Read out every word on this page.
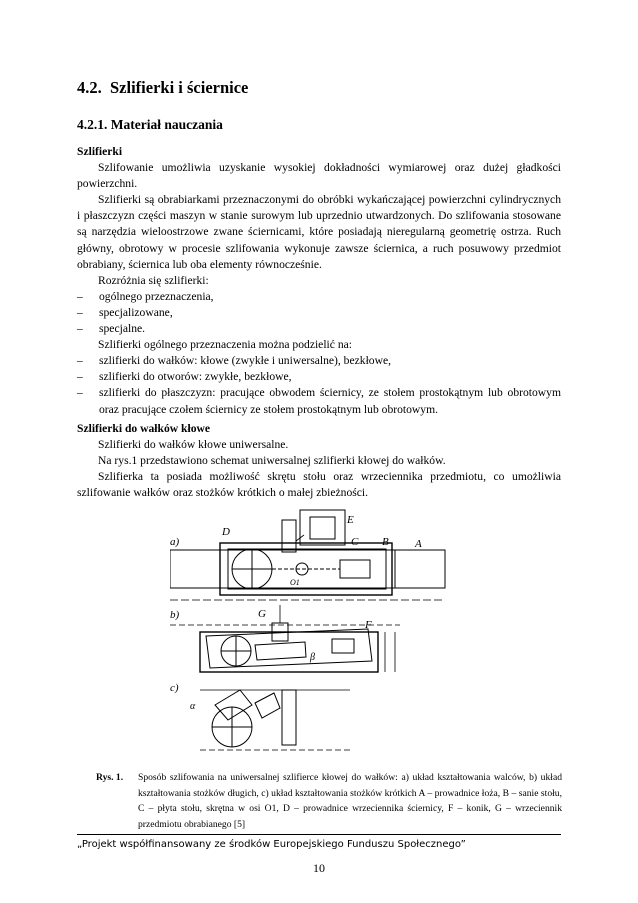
4.2.  Szlifierki i ściernice
4.2.1. Materiał nauczania
Szlifierki

Szlifowanie umożliwia uzyskanie wysokiej dokładności wymiarowej oraz dużej gładkości powierzchni.

Szlifierki są obrabiarkami przeznaczonymi do obróbki wykańczającej powierzchni cylindrycznych i płaszczyzn części maszyn w stanie surowym lub uprzednio utwardzonych. Do szlifowania stosowane są narzędzia wieloostrzowe zwane ściernicami, które posiadają nieregularną geometrię ostrza. Ruch główny, obrotowy w procesie szlifowania wykonuje zawsze ściernica, a ruch posuwowy przedmiot obrabiany, ściernica lub oba elementy równocześnie.

Rozróżnia się szlifierki:

– ogólnego przeznaczenia,
– specjalizowane,
– specjalne.

Szlifierki ogólnego przeznaczenia można podzielić na:

– szlifierki do wałków: kłowe (zwykłe i uniwersalne), bezkłowe,
– szlifierki do otworów: zwykłe, bezkłowe,
– szlifierki do płaszczyzn: pracujące obwodem ściernicy, ze stołem prostokątnym lub obrotowym oraz pracujące czołem ściernicy ze stołem prostokątnym lub obrotowym.
Szlifierki do wałków kłowe

Szlifierki do wałków kłowe uniwersalne.

Na rys.1 przedstawiono schemat uniwersalnej szlifierki kłowej do wałków.

Szlifierka ta posiada możliwość skrętu stołu oraz wrzeciennika przedmiotu, co umożliwia szlifowanie wałków oraz stożków krótkich o małej zbieżności.

a)
b)
c)
C B A
E
D
G
F
O1
α
β
Rys. 1. Sposób szlifowania na uniwersalnej szlifierce kłowej do wałków: a) układ kształtowania walców, b) układ kształtowania stożków długich, c) układ kształtowania stożków krótkich A – prowadnice łoża, B – sanie stołu, C – płyta stołu, skrętna w osi O1, D – prowadnice wrzeciennika ściernicy, F – konik, G – wrzeciennik przedmiotu obrabianego [5]
„Projekt współfinansowany ze środków Europejskiego Funduszu Społecznego”
10
